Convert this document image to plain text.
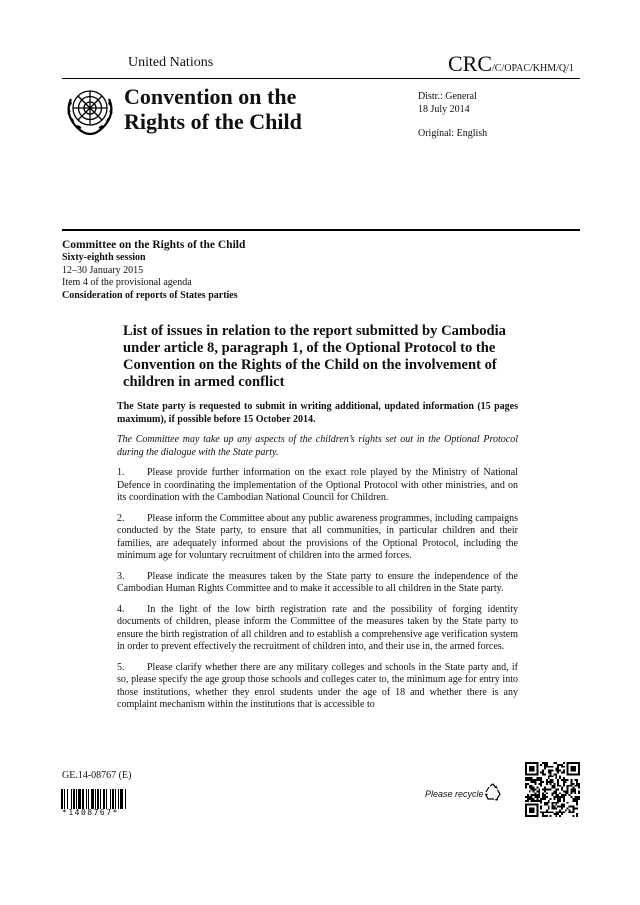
United Nations	CRC/C/OPAC/KHM/Q/1
Convention on the
Rights of the Child
Distr.: General
18 July 2014
Original: English
Committee on the Rights of the Child
Sixty-eighth session
12–30 January 2015
Item 4 of the provisional agenda
Consideration of reports of States parties
List of issues in relation to the report submitted by Cambodia under article 8, paragraph 1, of the Optional Protocol to the Convention on the Rights of the Child on the involvement of children in armed conflict

The State party is requested to submit in writing additional, updated information (15 pages maximum), if possible before 15 October 2014.

The Committee may take up any aspects of the children’s rights set out in the Optional Protocol during the dialogue with the State party.

1. Please provide further information on the exact role played by the Ministry of National Defence in coordinating the implementation of the Optional Protocol with other ministries, and on its coordination with the Cambodian National Council for Children.

2. Please inform the Committee about any public awareness programmes, including campaigns conducted by the State party, to ensure that all communities, in particular children and their families, are adequately informed about the provisions of the Optional Protocol, including the minimum age for voluntary recruitment of children into the armed forces.

3. Please indicate the measures taken by the State party to ensure the independence of the Cambodian Human Rights Committee and to make it accessible to all children in the State party.

4. In the light of the low birth registration rate and the possibility of forging identity documents of children, please inform the Committee of the measures taken by the State party to ensure the birth registration of all children and to establish a comprehensive age verification system in order to prevent effectively the recruitment of children into, and their use in, the armed forces.

5. Please clarify whether there are any military colleges and schools in the State party and, if so, please specify the age group those schools and colleges cater to, the minimum age for entry into those institutions, whether they enrol students under the age of 18 and whether there is any complaint mechanism within the institutions that is accessible to

GE.14-08767 (E)
*1408767*
Please recycle
